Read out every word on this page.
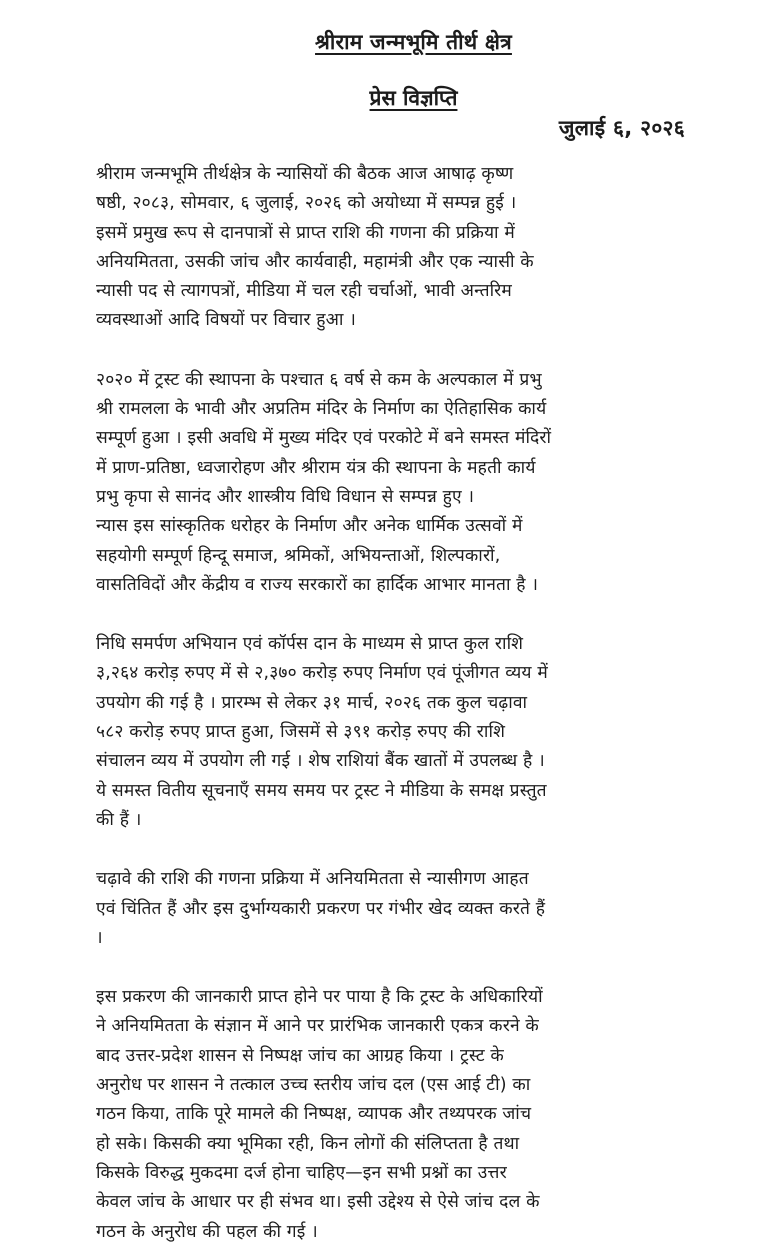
श्रीराम जन्मभूमि तीर्थ क्षेत्र
प्रेस विज्ञप्ति
जुलाई ६, २०२६

श्रीराम जन्मभूमि तीर्थक्षेत्र के न्यासियों की बैठक आज आषाढ़ कृष्ण
षष्ठी, २०८३, सोमवार, ६ जुलाई, २०२६ को अयोध्या में सम्पन्न हुई ।
इसमें प्रमुख रूप से दानपात्रों से प्राप्त राशि की गणना की प्रक्रिया में
अनियमितता, उसकी जांच और कार्यवाही, महामंत्री और एक न्यासी के
न्यासी पद से त्यागपत्रों, मीडिया में चल रही चर्चाओं, भावी अन्तरिम
व्यवस्थाओं आदि विषयों पर विचार हुआ ।

२०२० में ट्रस्ट की स्थापना के पश्चात ६ वर्ष से कम के अल्पकाल में प्रभु
श्री रामलला के भावी और अप्रतिम मंदिर के निर्माण का ऐतिहासिक कार्य
सम्पूर्ण हुआ । इसी अवधि में मुख्य मंदिर एवं परकोटे में बने समस्त मंदिरों
में प्राण-प्रतिष्ठा, ध्वजारोहण और श्रीराम यंत्र की स्थापना के महती कार्य
प्रभु कृपा से सानंद और शास्त्रीय विधि विधान से सम्पन्न हुए ।
न्यास इस सांस्कृतिक धरोहर के निर्माण और अनेक धार्मिक उत्सवों में
सहयोगी सम्पूर्ण हिन्दू समाज, श्रमिकों, अभियन्ताओं, शिल्पकारों,
वासतिविदों और केंद्रीय व राज्य सरकारों का हार्दिक आभार मानता है ।

निधि समर्पण अभियान एवं कॉर्पस दान के माध्यम से प्राप्त कुल राशि
३,२६४ करोड़ रुपए में से २,३७० करोड़ रुपए निर्माण एवं पूंजीगत व्यय में
उपयोग की गई है । प्रारम्भ से लेकर ३१ मार्च, २०२६ तक कुल चढ़ावा
५८२ करोड़ रुपए प्राप्त हुआ, जिसमें से ३९१ करोड़ रुपए की राशि
संचालन व्यय में उपयोग ली गई । शेष राशियां बैंक खातों में उपलब्ध है ।
ये समस्त वितीय सूचनाएँ समय समय पर ट्रस्ट ने मीडिया के समक्ष प्रस्तुत
की हैं ।

चढ़ावे की राशि की गणना प्रक्रिया में अनियमितता से न्यासीगण आहत
एवं चिंतित हैं और इस दुर्भाग्यकारी प्रकरण पर गंभीर खेद व्यक्त करते हैं
।

इस प्रकरण की जानकारी प्राप्त होने पर पाया है कि ट्रस्ट के अधिकारियों
ने अनियमितता के संज्ञान में आने पर प्रारंभिक जानकारी एकत्र करने के
बाद उत्तर-प्रदेश शासन से निष्पक्ष जांच का आग्रह किया । ट्रस्ट के
अनुरोध पर शासन ने तत्काल उच्च स्तरीय जांच दल (एस आई टी) का
गठन किया, ताकि पूरे मामले की निष्पक्ष, व्यापक और तथ्यपरक जांच
हो सके। किसकी क्या भूमिका रही, किन लोगों की संलिप्तता है तथा
किसके विरुद्ध मुकदमा दर्ज होना चाहिए—इन सभी प्रश्नों का उत्तर
केवल जांच के आधार पर ही संभव था। इसी उद्देश्य से ऐसे जांच दल के
गठन के अनुरोध की पहल की गई ।
